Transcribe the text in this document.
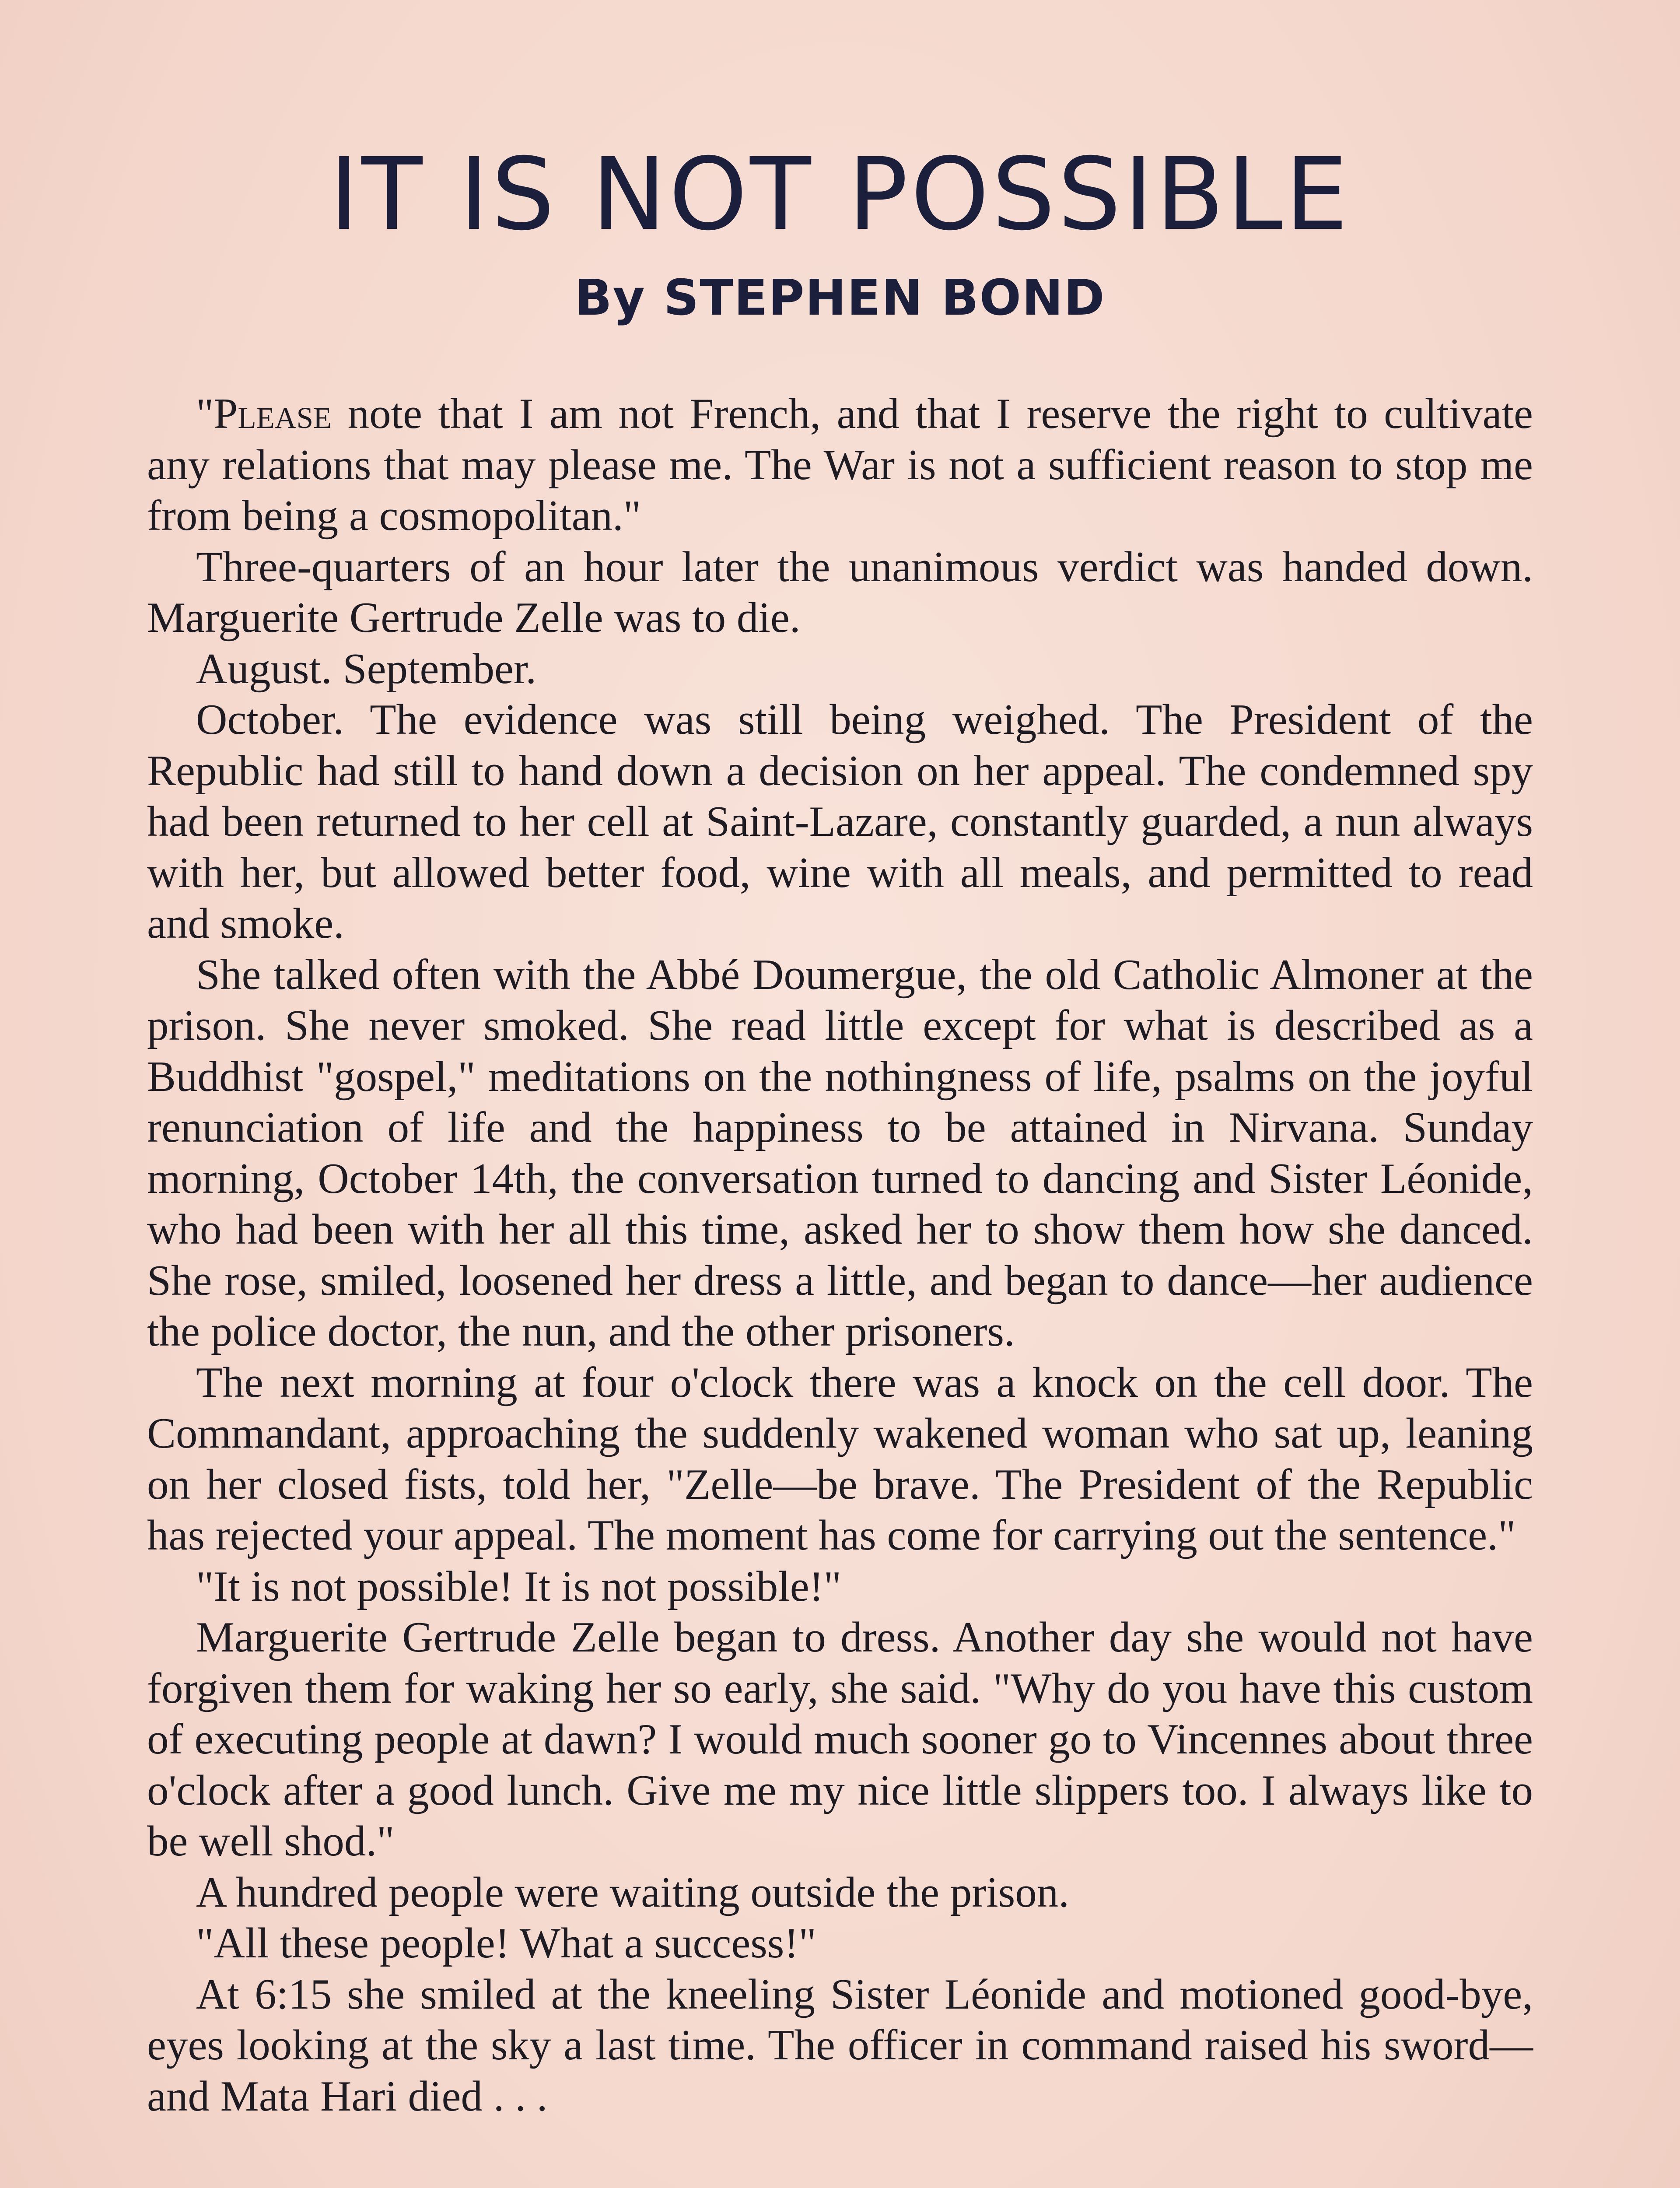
IT IS NOT POSSIBLE
By STEPHEN BOND

"Please note that I am not French, and that I reserve the right to cultivate any relations that may please me. The War is not a sufficient reason to stop me from being a cosmopolitan."

Three-quarters of an hour later the unanimous verdict was handed down. Marguerite Gertrude Zelle was to die.

August. September.

October. The evidence was still being weighed. The President of the Republic had still to hand down a decision on her appeal. The condemned spy had been returned to her cell at Saint-Lazare, constantly guarded, a nun always with her, but allowed better food, wine with all meals, and permitted to read and smoke.

She talked often with the Abbé Doumergue, the old Catholic Almoner at the prison. She never smoked. She read little except for what is described as a Buddhist "gospel," meditations on the nothingness of life, psalms on the joyful renunciation of life and the happiness to be attained in Nirvana. Sunday morning, October 14th, the conversation turned to dancing and Sister Léonide, who had been with her all this time, asked her to show them how she danced. She rose, smiled, loosened her dress a little, and began to dance—her audience the police doctor, the nun, and the other prisoners.

The next morning at four o'clock there was a knock on the cell door. The Commandant, approaching the suddenly wakened woman who sat up, leaning on her closed fists, told her, "Zelle—be brave. The President of the Republic has rejected your appeal. The moment has come for carrying out the sentence."

"It is not possible! It is not possible!"

Marguerite Gertrude Zelle began to dress. Another day she would not have forgiven them for waking her so early, she said. "Why do you have this custom of executing people at dawn? I would much sooner go to Vincennes about three o'clock after a good lunch. Give me my nice little slippers too. I always like to be well shod."

A hundred people were waiting outside the prison.

"All these people! What a success!"

At 6:15 she smiled at the kneeling Sister Léonide and motioned good-bye, eyes looking at the sky a last time. The officer in command raised his sword—and Mata Hari died . . .
